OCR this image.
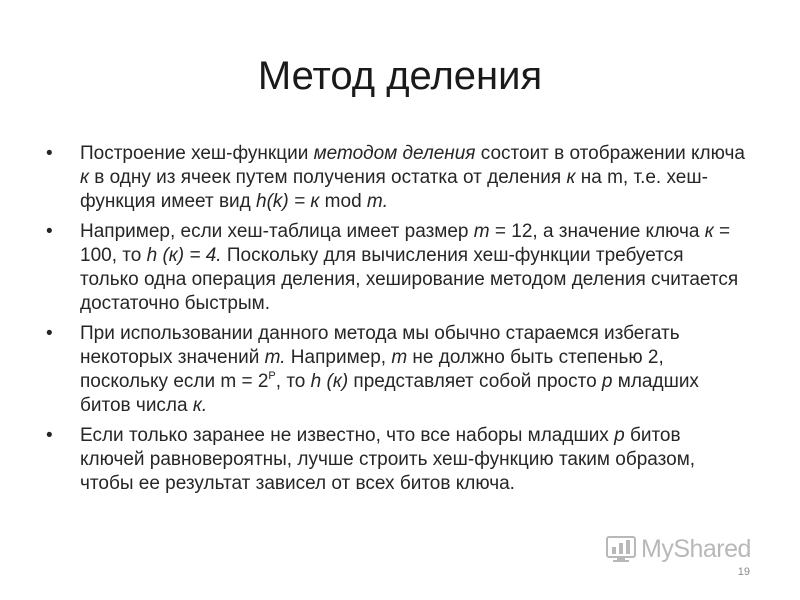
Метод деления
• Построение хеш-функции методом деления состоит в отображении ключа к в одну из ячеек путем получения остатка от деления к на m, т.е. хеш-функция имеет вид h(k) = к mod m.
• Например, если хеш-таблица имеет размер т = 12, а значение ключа к = 100, то h (к) = 4. Поскольку для вычисления хеш-функции требуется только одна операция деления, хеширование методом деления считается достаточно быстрым.
• При использовании данного метода мы обычно стараемся избегать некоторых значений т. Например, т не должно быть степенью 2, поскольку если $m = 2^P$, то h (к) представляет собой просто р младших битов числа к.
• Если только заранее не известно, что все наборы младших р битов ключей равновероятны, лучше строить хеш-функцию таким образом, чтобы ее результат зависел от всех битов ключа.
MyShared
19
